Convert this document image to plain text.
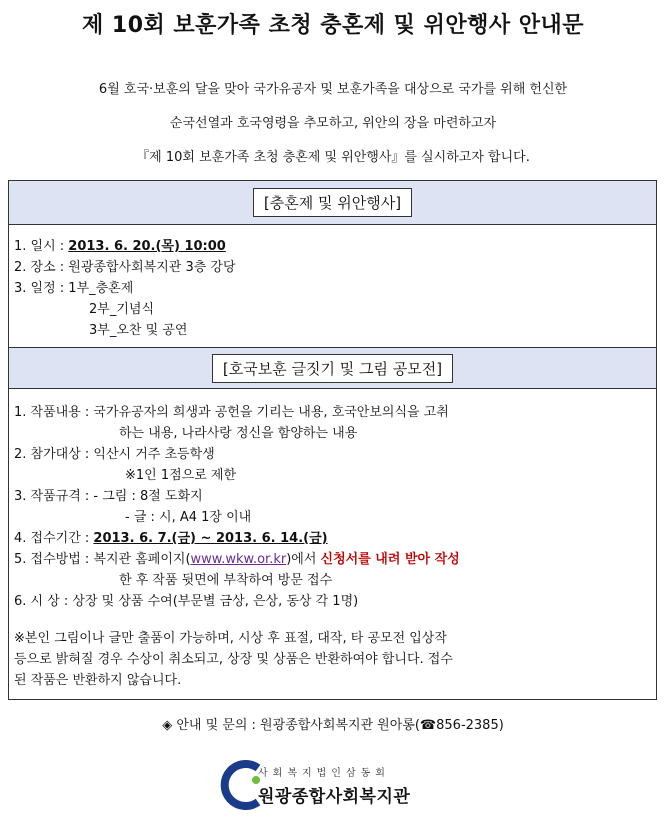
제 10회 보훈가족 초청 충혼제 및 위안행사 안내문
6월 호국·보훈의 달을 맞아 국가유공자 및 보훈가족을 대상으로 국가를 위해 헌신한
순국선열과 호국영령을 추모하고, 위안의 장을 마련하고자
『제 10회 보훈가족 초청 충혼제 및 위안행사』를 실시하고자 합니다.
[충혼제 및 위안행사]
1. 일시 : 2013. 6. 20.(목) 10:00
2. 장소 : 원광종합사회복지관 3층 강당
3. 일정 : 1부_충혼제
2부_기념식
3부_오찬 및 공연
[호국보훈 글짓기 및 그림 공모전]
1. 작품내용 : 국가유공자의 희생과 공헌을 기리는 내용, 호국안보의식을 고취
하는 내용, 나라사랑 정신을 함양하는 내용
2. 참가대상 : 익산시 거주 초등학생
※1인 1점으로 제한
3. 작품규격 : - 그림 : 8절 도화지
- 글 : 시, A4 1장 이내
4. 접수기간 : 2013. 6. 7.(금) ~ 2013. 6. 14.(금)
5. 접수방법 : 복지관 홈페이지(www.wkw.or.kr)에서 신청서를 내려 받아 작성
한 후 작품 뒷면에 부착하여 방문 접수
6. 시 상 : 상장 및 상품 수여(부문별 금상, 은상, 동상 각 1명)
※본인 그림이나 글만 출품이 가능하며, 시상 후 표절, 대작, 타 공모전 입상작
등으로 밝혀질 경우 수상이 취소되고, 상장 및 상품은 반환하여야 합니다. 접수
된 작품은 반환하지 않습니다.
◈ 안내 및 문의 : 원광종합사회복지관 원아롱(☎856-2385)
사회복지법인삼동회
원광종합사회복지관
